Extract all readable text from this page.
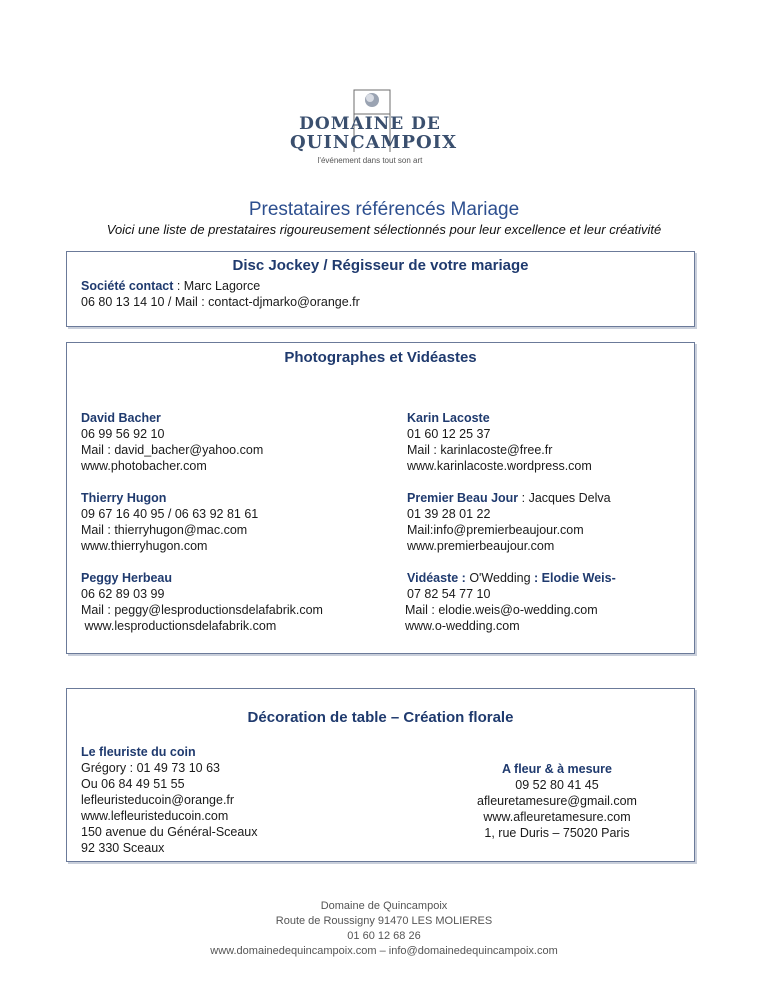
DOMAINE DE
QUINCAMPOIX
l'événement dans tout son art
Prestataires référencés Mariage
Voici une liste de prestataires rigoureusement sélectionnés pour leur excellence et leur créativité
Disc Jockey / Régisseur de votre mariage
Société contact : Marc Lagorce
06 80 13 14 10 / Mail : contact-djmarko@orange.fr
Photographes et Vidéastes
David Bacher
06 99 56 92 10
Mail : david_bacher@yahoo.com
www.photobacher.com
Karin Lacoste
01 60 12 25 37
Mail : karinlacoste@free.fr
www.karinlacoste.wordpress.com
Thierry Hugon
09 67 16 40 95 / 06 63 92 81 61
Mail : thierryhugon@mac.com
www.thierryhugon.com
Premier Beau Jour : Jacques Delva
01 39 28 01 22
Mail:info@premierbeaujour.com
www.premierbeaujour.com
Peggy Herbeau
06 62 89 03 99
Mail : peggy@lesproductionsdelafabrik.com
www.lesproductionsdelafabrik.com
Vidéaste : O'Wedding : Elodie Weis-
07 82 54 77 10
Mail : elodie.weis@o-wedding.com
www.o-wedding.com
Décoration de table – Création florale
Le fleuriste du coin
Grégory : 01 49 73 10 63
Ou 06 84 49 51 55
lefleuristeducoin@orange.fr
www.lefleuristeducoin.com
150 avenue du Général-Sceaux
92 330 Sceaux
A fleur & à mesure
09 52 80 41 45
afleuretamesure@gmail.com
www.afleuretamesure.com
1, rue Duris – 75020 Paris
Domaine de Quincampoix
Route de Roussigny 91470 LES MOLIERES
01 60 12 68 26
www.domainedequincampoix.com – info@domainedequincampoix.com
